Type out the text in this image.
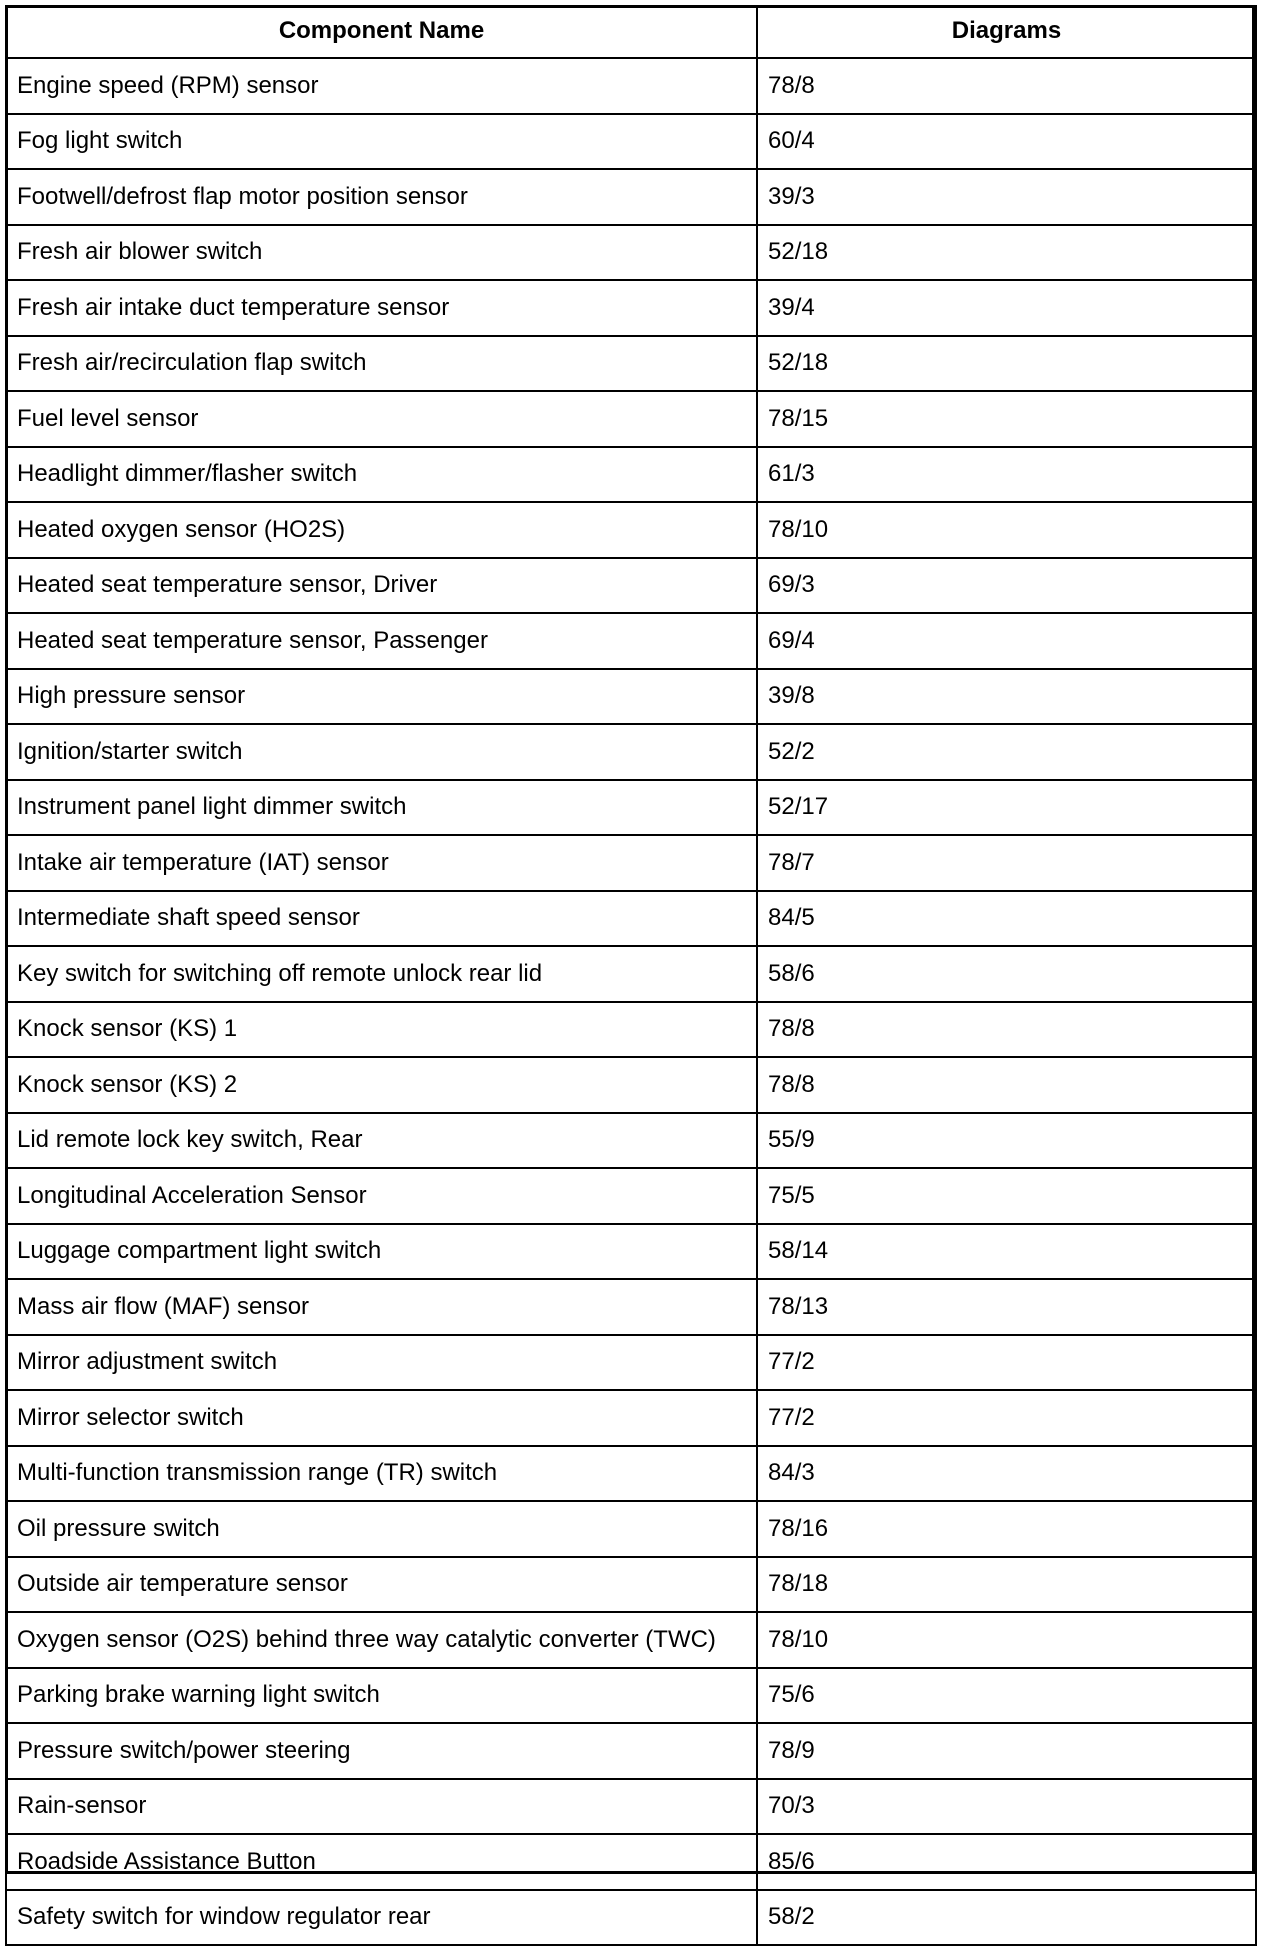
Component Name	Diagrams
Engine speed (RPM) sensor	78/8
Fog light switch	60/4
Footwell/defrost flap motor position sensor	39/3
Fresh air blower switch	52/18
Fresh air intake duct temperature sensor	39/4
Fresh air/recirculation flap switch	52/18
Fuel level sensor	78/15
Headlight dimmer/flasher switch	61/3
Heated oxygen sensor (HO2S)	78/10
Heated seat temperature sensor, Driver	69/3
Heated seat temperature sensor, Passenger	69/4
High pressure sensor	39/8
Ignition/starter switch	52/2
Instrument panel light dimmer switch	52/17
Intake air temperature (IAT) sensor	78/7
Intermediate shaft speed sensor	84/5
Key switch for switching off remote unlock rear lid	58/6
Knock sensor (KS) 1	78/8
Knock sensor (KS) 2	78/8
Lid remote lock key switch, Rear	55/9
Longitudinal Acceleration Sensor	75/5
Luggage compartment light switch	58/14
Mass air flow (MAF) sensor	78/13
Mirror adjustment switch	77/2
Mirror selector switch	77/2
Multi-function transmission range (TR) switch	84/3
Oil pressure switch	78/16
Outside air temperature sensor	78/18
Oxygen sensor (O2S) behind three way catalytic converter (TWC)	78/10
Parking brake warning light switch	75/6
Pressure switch/power steering	78/9
Rain-sensor	70/3
Roadside Assistance Button	85/6
Safety switch for window regulator rear	58/2
